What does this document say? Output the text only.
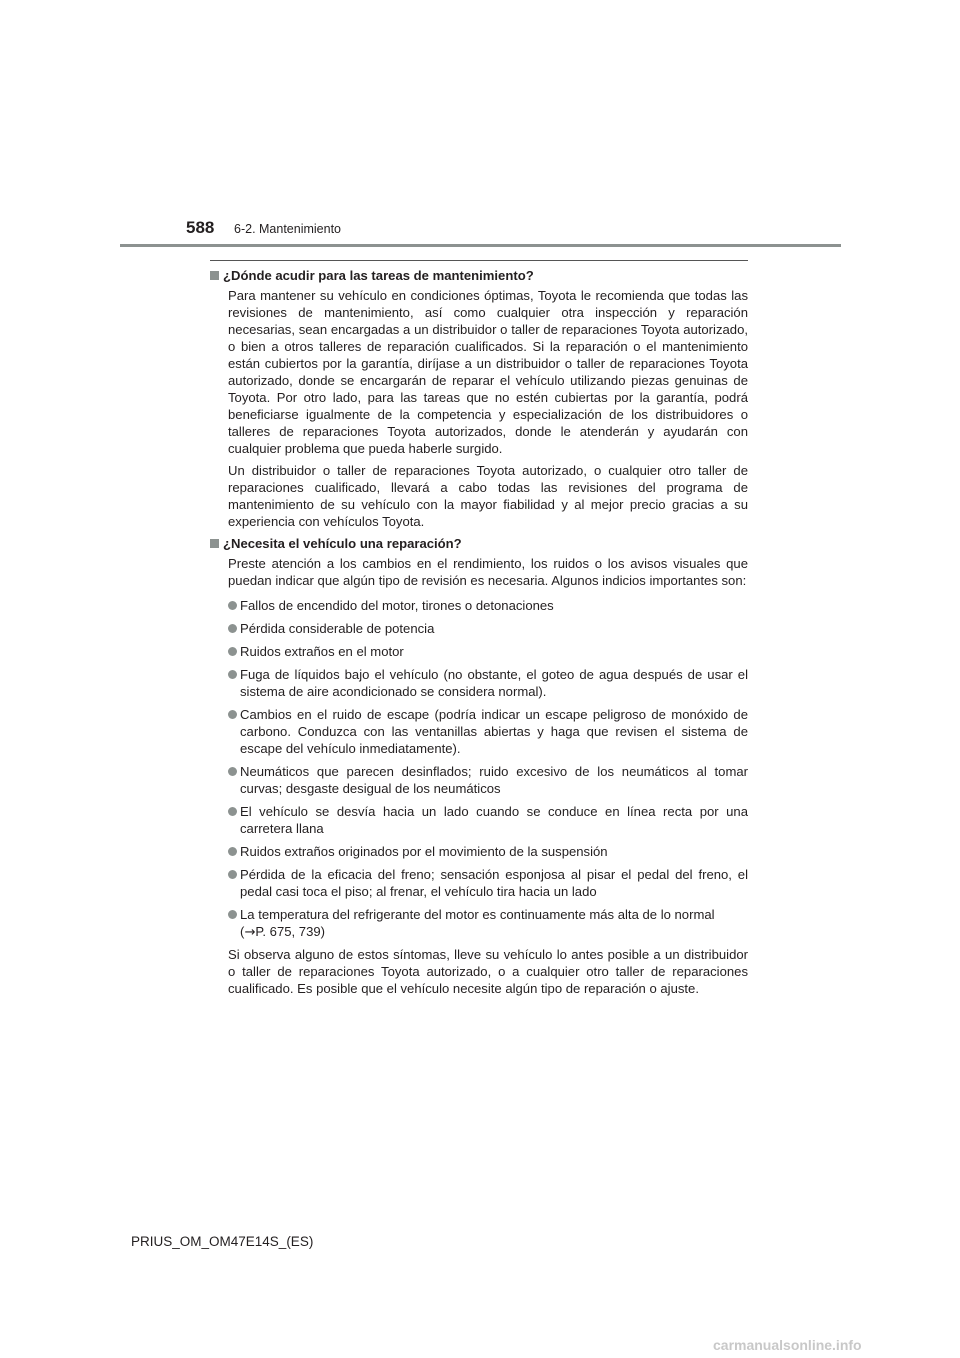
588 6-2. Mantenimiento
¿Dónde acudir para las tareas de mantenimiento?

Para mantener su vehículo en condiciones óptimas, Toyota le recomienda que todas las revisiones de mantenimiento, así como cualquier otra inspección y reparación necesarias, sean encargadas a un distribuidor o taller de reparaciones Toyota autorizado, o bien a otros talleres de reparación cualificados. Si la reparación o el mantenimiento están cubiertos por la garantía, diríjase a un distribuidor o taller de reparaciones Toyota autorizado, donde se encargarán de reparar el vehículo utilizando piezas genuinas de Toyota. Por otro lado, para las tareas que no estén cubiertas por la garantía, podrá beneficiarse igualmente de la competencia y especialización de los distribuidores o talleres de reparaciones Toyota autorizados, donde le atenderán y ayudarán con cualquier problema que pueda haberle surgido.

Un distribuidor o taller de reparaciones Toyota autorizado, o cualquier otro taller de reparaciones cualificado, llevará a cabo todas las revisiones del programa de mantenimiento de su vehículo con la mayor fiabilidad y al mejor precio gracias a su experiencia con vehículos Toyota.

¿Necesita el vehículo una reparación?

Preste atención a los cambios en el rendimiento, los ruidos o los avisos visuales que puedan indicar que algún tipo de revisión es necesaria. Algunos indicios importantes son:

Fallos de encendido del motor, tirones o detonaciones
Pérdida considerable de potencia
Ruidos extraños en el motor
Fuga de líquidos bajo el vehículo (no obstante, el goteo de agua después de usar el sistema de aire acondicionado se considera normal).
Cambios en el ruido de escape (podría indicar un escape peligroso de monóxido de carbono. Conduzca con las ventanillas abiertas y haga que revisen el sistema de escape del vehículo inmediatamente).
Neumáticos que parecen desinflados; ruido excesivo de los neumáticos al tomar curvas; desgaste desigual de los neumáticos
El vehículo se desvía hacia un lado cuando se conduce en línea recta por una carretera llana
Ruidos extraños originados por el movimiento de la suspensión
Pérdida de la eficacia del freno; sensación esponjosa al pisar el pedal del freno, el pedal casi toca el piso; al frenar, el vehículo tira hacia un lado
La temperatura del refrigerante del motor es continuamente más alta de lo normal
(→P. 675, 739)

Si observa alguno de estos síntomas, lleve su vehículo lo antes posible a un distribuidor o taller de reparaciones Toyota autorizado, o a cualquier otro taller de reparaciones cualificado. Es posible que el vehículo necesite algún tipo de reparación o ajuste.

PRIUS_OM_OM47E14S_(ES)
carmanualsonline.info
